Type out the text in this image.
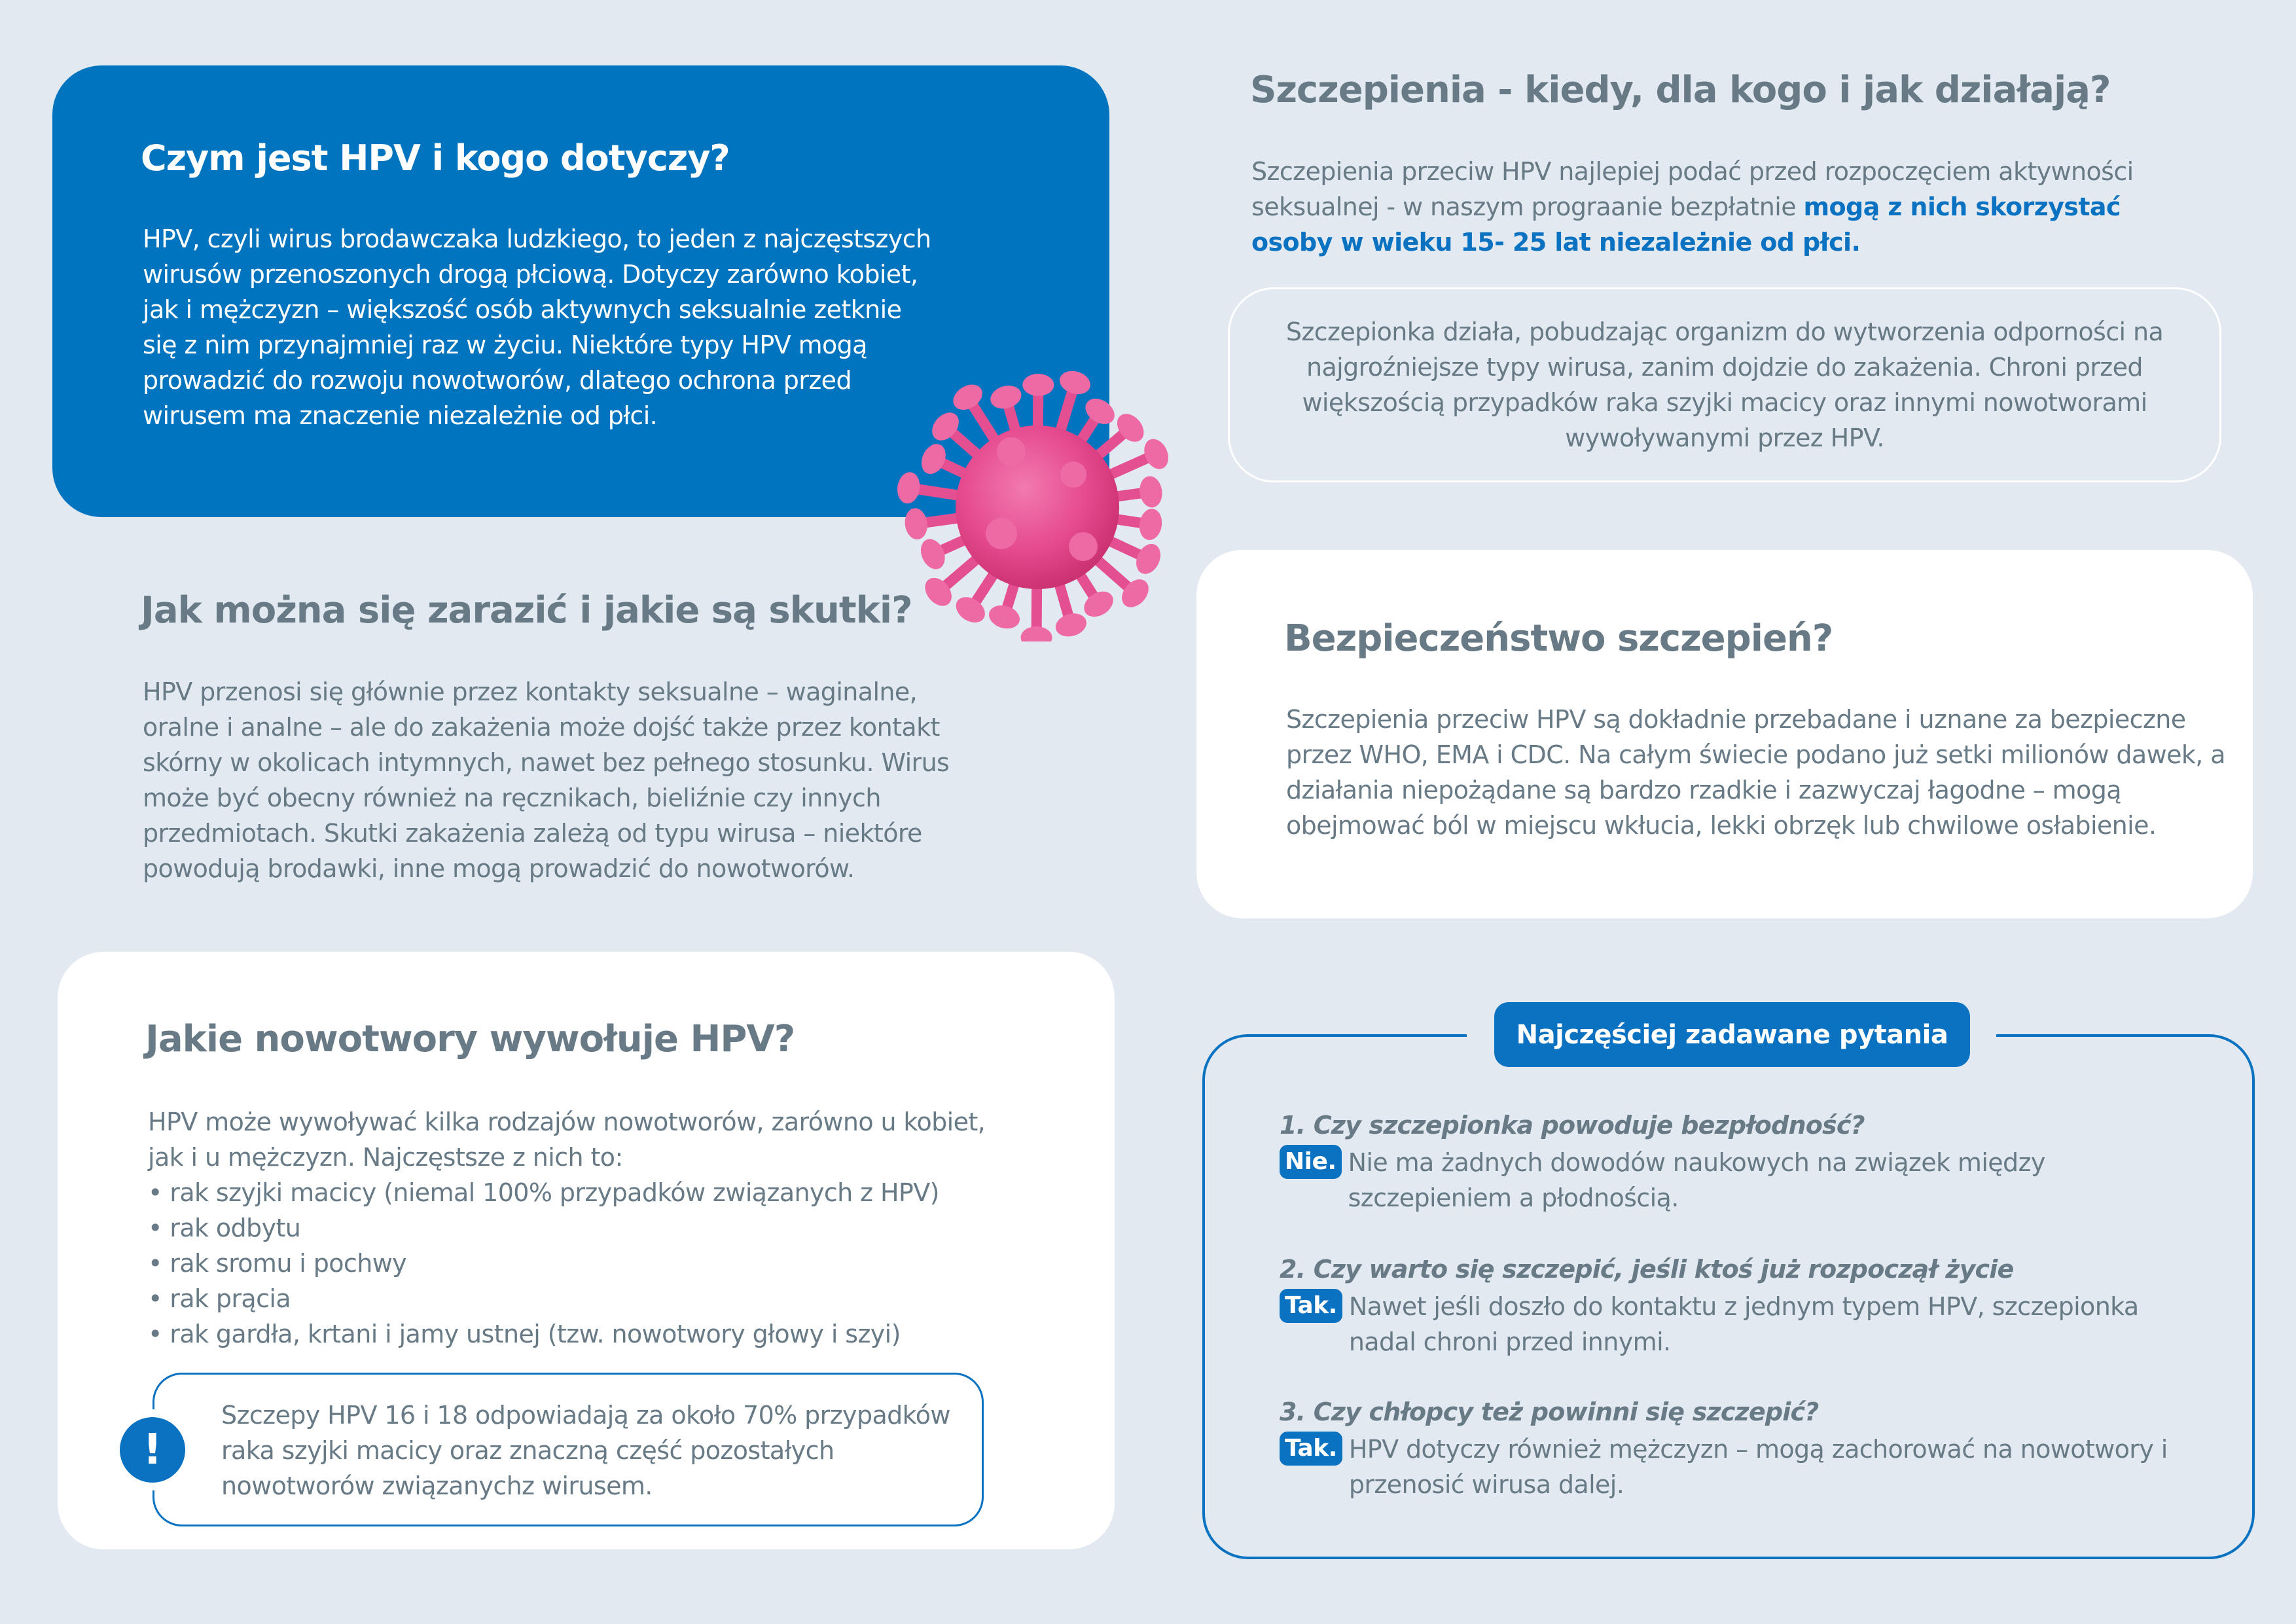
Czym jest HPV i kogo dotyczy?

HPV, czyli wirus brodawczaka ludzkiego, to jeden z najczęstszych wirusów przenoszonych drogą płciową. Dotyczy zarówno kobiet, jak i mężczyzn – większość osób aktywnych seksualnie zetknie się z nim przynajmniej raz w życiu. Niektóre typy HPV mogą prowadzić do rozwoju nowotworów, dlatego ochrona przed wirusem ma znaczenie niezależnie od płci.

Szczepienia - kiedy, dla kogo i jak działają?

Szczepienia przeciw HPV najlepiej podać przed rozpoczęciem aktywności seksualnej - w naszym prograanie bezpłatnie mogą z nich skorzystać osoby w wieku 15- 25 lat niezależnie od płci.

Szczepionka działa, pobudzając organizm do wytworzenia odporności na najgroźniejsze typy wirusa, zanim dojdzie do zakażenia. Chroni przed większością przypadków raka szyjki macicy oraz innymi nowotworami wywoływanymi przez HPV.

Jak można się zarazić i jakie są skutki?

HPV przenosi się głównie przez kontakty seksualne – waginalne, oralne i analne – ale do zakażenia może dojść także przez kontakt skórny w okolicach intymnych, nawet bez pełnego stosunku. Wirus może być obecny również na ręcznikach, bieliźnie czy innych przedmiotach. Skutki zakażenia zależą od typu wirusa – niektóre powodują brodawki, inne mogą prowadzić do nowotworów.

Bezpieczeństwo szczepień?

Szczepienia przeciw HPV są dokładnie przebadane i uznane za bezpieczne przez WHO, EMA i CDC. Na całym świecie podano już setki milionów dawek, a działania niepożądane są bardzo rzadkie i zazwyczaj łagodne – mogą obejmować ból w miejscu wkłucia, lekki obrzęk lub chwilowe osłabienie.

Jakie nowotwory wywołuje HPV?

HPV może wywoływać kilka rodzajów nowotworów, zarówno u kobiet, jak i u mężczyzn. Najczęstsze z nich to:

• rak szyjki macicy (niemal 100% przypadków związanych z HPV)
• rak odbytu
• rak sromu i pochwy
• rak prącia
• rak gardła, krtani i jamy ustnej (tzw. nowotwory głowy i szyi)

Szczepy HPV 16 i 18 odpowiadają za około 70% przypadków raka szyjki macicy oraz znaczną część pozostałych nowotworów związanychz wirusem.

!
Najczęściej zadawane pytania
1. Czy szczepionka powoduje bezpłodność?
Nie. Nie ma żadnych dowodów naukowych na związek między szczepieniem a płodnością.
2. Czy warto się szczepić, jeśli ktoś już rozpoczął życie
Tak. Nawet jeśli doszło do kontaktu z jednym typem HPV, szczepionka nadal chroni przed innymi.
3. Czy chłopcy też powinni się szczepić?
Tak. HPV dotyczy również mężczyzn – mogą zachorować na nowotwory i przenosić wirusa dalej.
